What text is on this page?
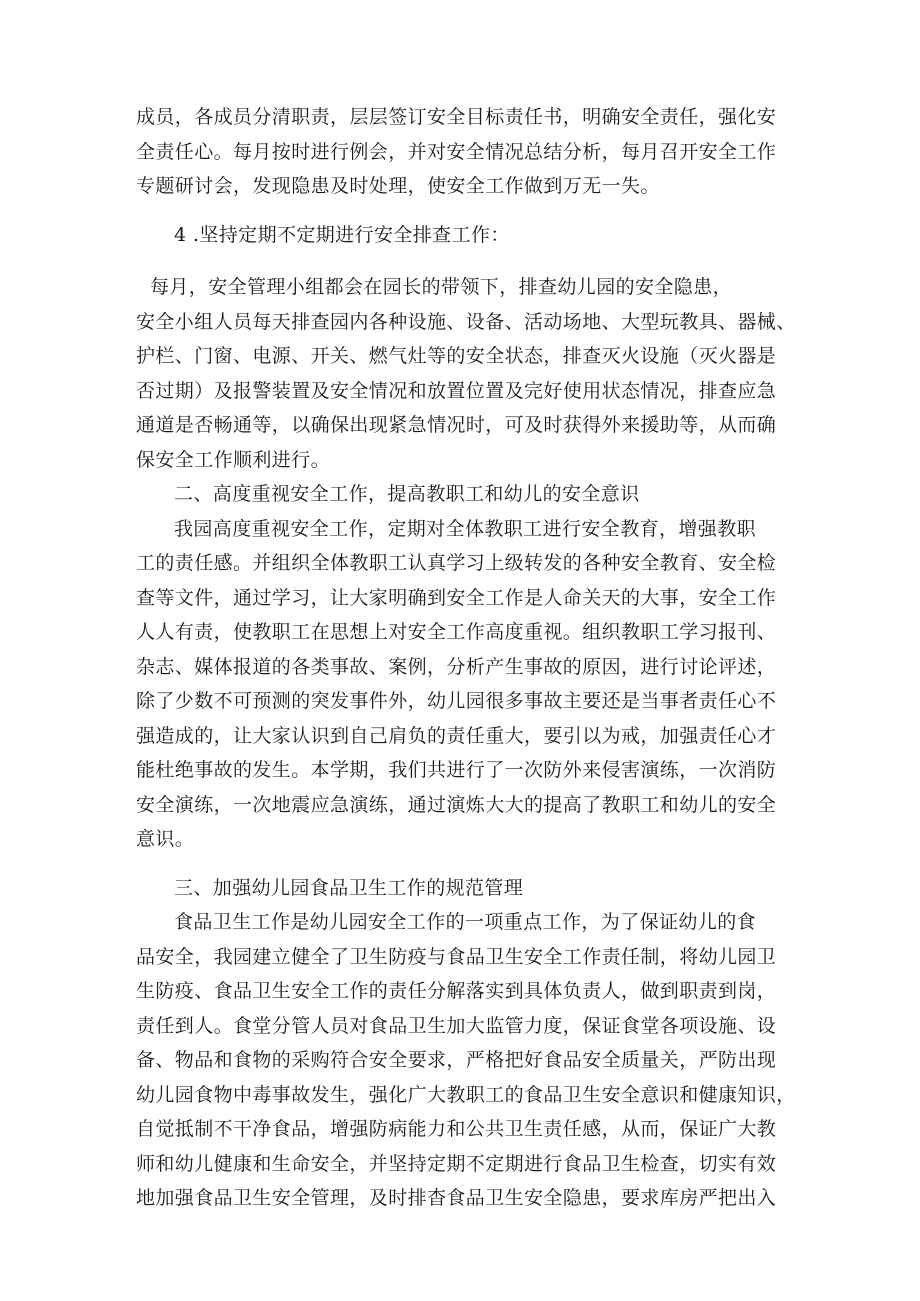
成员，各成员分清职责，层层签订安全目标责任书，明确安全责任，强化安
全责任心。每月按时进行例会，并对安全情况总结分析，每月召开安全工作
专题研讨会，发现隐患及时处理，使安全工作做到万无一失。
4 .坚持定期不定期进行安全排查工作：
每月，安全管理小组都会在园长的带领下，排查幼儿园的安全隐患，
安全小组人员每天排查园内各种设施、设备、活动场地、大型玩教具、器械、
护栏、门窗、电源、开关、燃气灶等的安全状态，排查灭火设施（灭火器是
否过期）及报警装置及安全情况和放置位置及完好使用状态情况，排查应急
通道是否畅通等，以确保出现紧急情况时，可及时获得外来援助等，从而确
保安全工作顺利进行。
二、高度重视安全工作，提高教职工和幼儿的安全意识
我园高度重视安全工作，定期对全体教职工进行安全教育，增强教职
工的责任感。并组织全体教职工认真学习上级转发的各种安全教育、安全检
查等文件，通过学习，让大家明确到安全工作是人命关天的大事，安全工作
人人有责，使教职工在思想上对安全工作高度重视。组织教职工学习报刊、
杂志、媒体报道的各类事故、案例，分析产生事故的原因，进行讨论评述，
除了少数不可预测的突发事件外，幼儿园很多事故主要还是当事者责任心不
强造成的，让大家认识到自己肩负的责任重大，要引以为戒，加强责任心才
能杜绝事故的发生。本学期，我们共进行了一次防外来侵害演练，一次消防
安全演练，一次地震应急演练，通过演炼大大的提高了教职工和幼儿的安全
意识。
三、加强幼儿园食品卫生工作的规范管理
食品卫生工作是幼儿园安全工作的一项重点工作，为了保证幼儿的食
品安全，我园建立健全了卫生防疫与食品卫生安全工作责任制，将幼儿园卫
生防疫、食品卫生安全工作的责任分解落实到具体负责人，做到职责到岗，
责任到人。食堂分管人员对食品卫生加大监管力度，保证食堂各项设施、设
备、物品和食物的采购符合安全要求，严格把好食品安全质量关，严防出现
幼儿园食物中毒事故发生，强化广大教职工的食品卫生安全意识和健康知识，
自觉抵制不干净食品，增强防病能力和公共卫生责任感，从而，保证广大教
师和幼儿健康和生命安全，并坚持定期不定期进行食品卫生检查，切实有效
地加强食品卫生安全管理，及时排杳食品卫生安全隐患，要求库房严把出入
